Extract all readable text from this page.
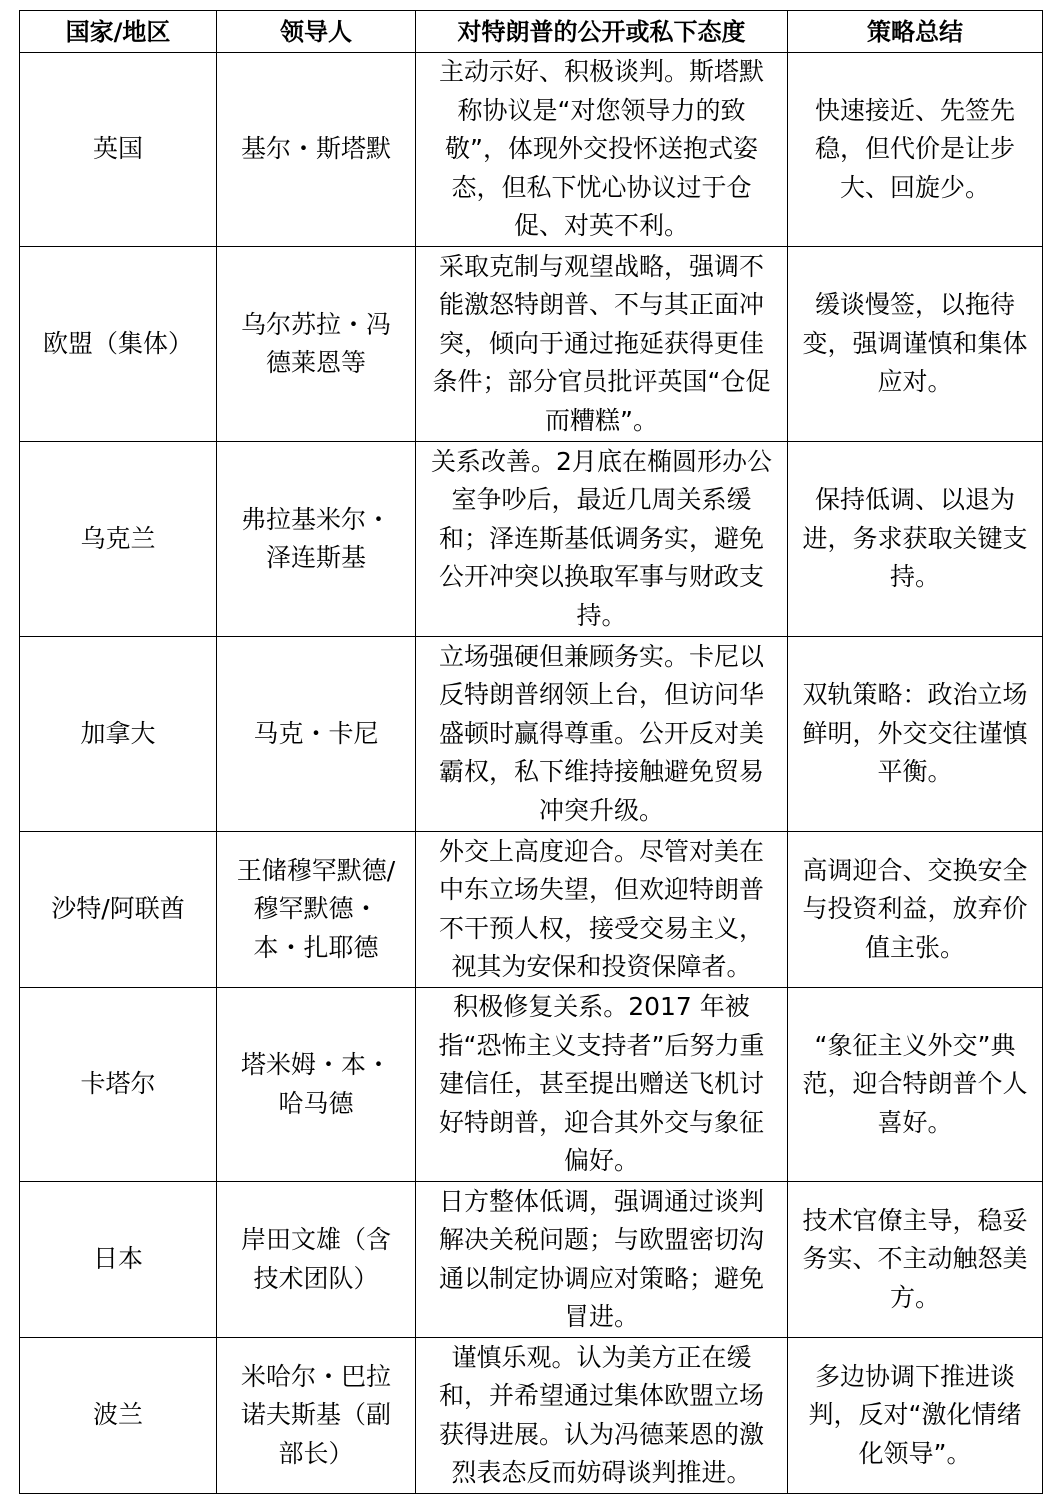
国家/地区	领导人	对特朗普的公开或私下态度	策略总结
英国	基尔・斯塔默	主动示好、积极谈判。斯塔默称协议是“对您领导力的致敬”，体现外交投怀送抱式姿态，但私下忧心协议过于仓促、对英不利。	快速接近、先签先稳，但代价是让步大、回旋少。
欧盟（集体）	乌尔苏拉・冯德莱恩等	采取克制与观望战略，强调不能激怒特朗普、不与其正面冲突，倾向于通过拖延获得更佳条件；部分官员批评英国“仓促而糟糕”。	缓谈慢签，以拖待变，强调谨慎和集体应对。
乌克兰	弗拉基米尔・泽连斯基	关系改善。2月底在椭圆形办公室争吵后，最近几周关系缓和；泽连斯基低调务实，避免公开冲突以换取军事与财政支持。	保持低调、以退为进，务求获取关键支持。
加拿大	马克・卡尼	立场强硬但兼顾务实。卡尼以反特朗普纲领上台，但访问华盛顿时赢得尊重。公开反对美霸权，私下维持接触避免贸易冲突升级。	双轨策略：政治立场鲜明，外交交往谨慎平衡。
沙特/阿联酋	王储穆罕默德/穆罕默德・本・扎耶德	外交上高度迎合。尽管对美在中东立场失望，但欢迎特朗普不干预人权，接受交易主义，视其为安保和投资保障者。	高调迎合、交换安全与投资利益，放弃价值主张。
卡塔尔	塔米姆・本・哈马德	积极修复关系。2017 年被指“恐怖主义支持者”后努力重建信任，甚至提出赠送飞机讨好特朗普，迎合其外交与象征偏好。	“象征主义外交”典范，迎合特朗普个人喜好。
日本	岸田文雄（含技术团队）	日方整体低调，强调通过谈判解决关税问题；与欧盟密切沟通以制定协调应对策略；避免冒进。	技术官僚主导，稳妥务实、不主动触怒美方。
波兰	米哈尔・巴拉诺夫斯基（副部长）	谨慎乐观。认为美方正在缓和，并希望通过集体欧盟立场获得进展。认为冯德莱恩的激烈表态反而妨碍谈判推进。	多边协调下推进谈判，反对“激化情绪化领导”。
